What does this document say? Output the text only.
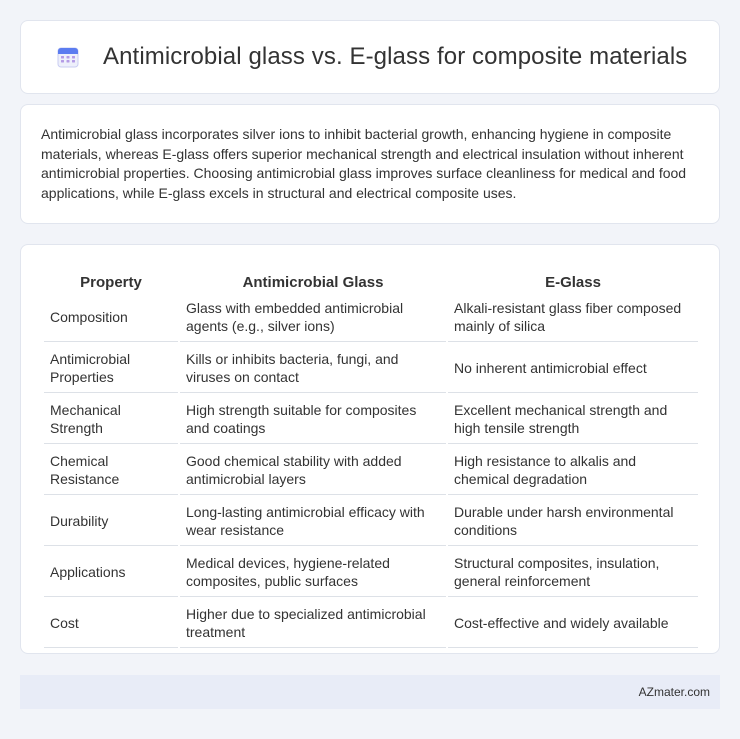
Antimicrobial glass vs. E-glass for composite materials

Antimicrobial glass incorporates silver ions to inhibit bacterial growth, enhancing hygiene in composite materials, whereas E-glass offers superior mechanical strength and electrical insulation without inherent antimicrobial properties. Choosing antimicrobial glass improves surface cleanliness for medical and food applications, while E-glass excels in structural and electrical composite uses.

Property	Antimicrobial Glass	E-Glass
Composition	Glass with embedded antimicrobial agents (e.g., silver ions)	Alkali-resistant glass fiber composed mainly of silica
Antimicrobial Properties	Kills or inhibits bacteria, fungi, and viruses on contact	No inherent antimicrobial effect
Mechanical Strength	High strength suitable for composites and coatings	Excellent mechanical strength and high tensile strength
Chemical Resistance	Good chemical stability with added antimicrobial layers	High resistance to alkalis and chemical degradation
Durability	Long-lasting antimicrobial efficacy with wear resistance	Durable under harsh environmental conditions
Applications	Medical devices, hygiene-related composites, public surfaces	Structural composites, insulation, general reinforcement
Cost	Higher due to specialized antimicrobial treatment	Cost-effective and widely available
AZmater.com
